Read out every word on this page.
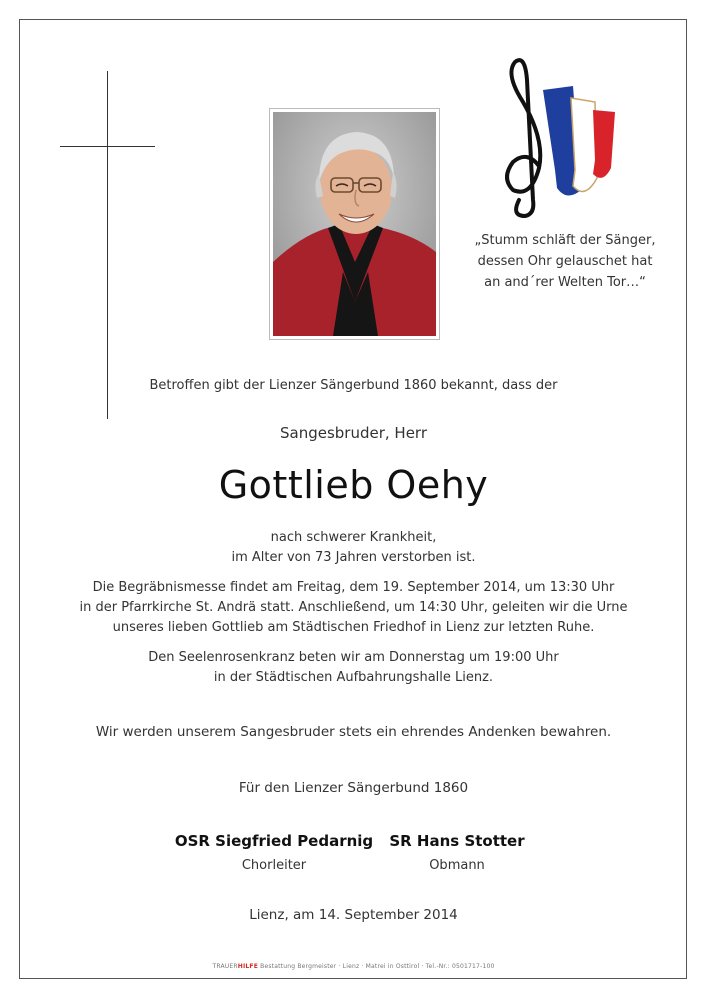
„Stumm schläft der Sänger,
dessen Ohr gelauschet hat
an and´rer Welten Tor…“
Betroffen gibt der Lienzer Sängerbund 1860 bekannt, dass der
Sangesbruder, Herr
Gottlieb Oehy
nach schwerer Krankheit,
im Alter von 73 Jahren verstorben ist.
Die Begräbnismesse findet am Freitag, dem 19. September 2014, um 13:30 Uhr
in der Pfarrkirche St. Andrä statt. Anschließend, um 14:30 Uhr, geleiten wir die Urne
unseres lieben Gottlieb am Städtischen Friedhof in Lienz zur letzten Ruhe.
Den Seelenrosenkranz beten wir am Donnerstag um 19:00 Uhr
in der Städtischen Aufbahrungshalle Lienz.
Wir werden unserem Sangesbruder stets ein ehrendes Andenken bewahren.
Für den Lienzer Sängerbund 1860
OSR Siegfried Pedarnig
Chorleiter
SR Hans Stotter
Obmann
Lienz, am 14. September 2014
TRAUERHILFE Bestattung Bergmeister · Lienz · Matrei in Osttirol · Tel.-Nr.: 0501717-100
